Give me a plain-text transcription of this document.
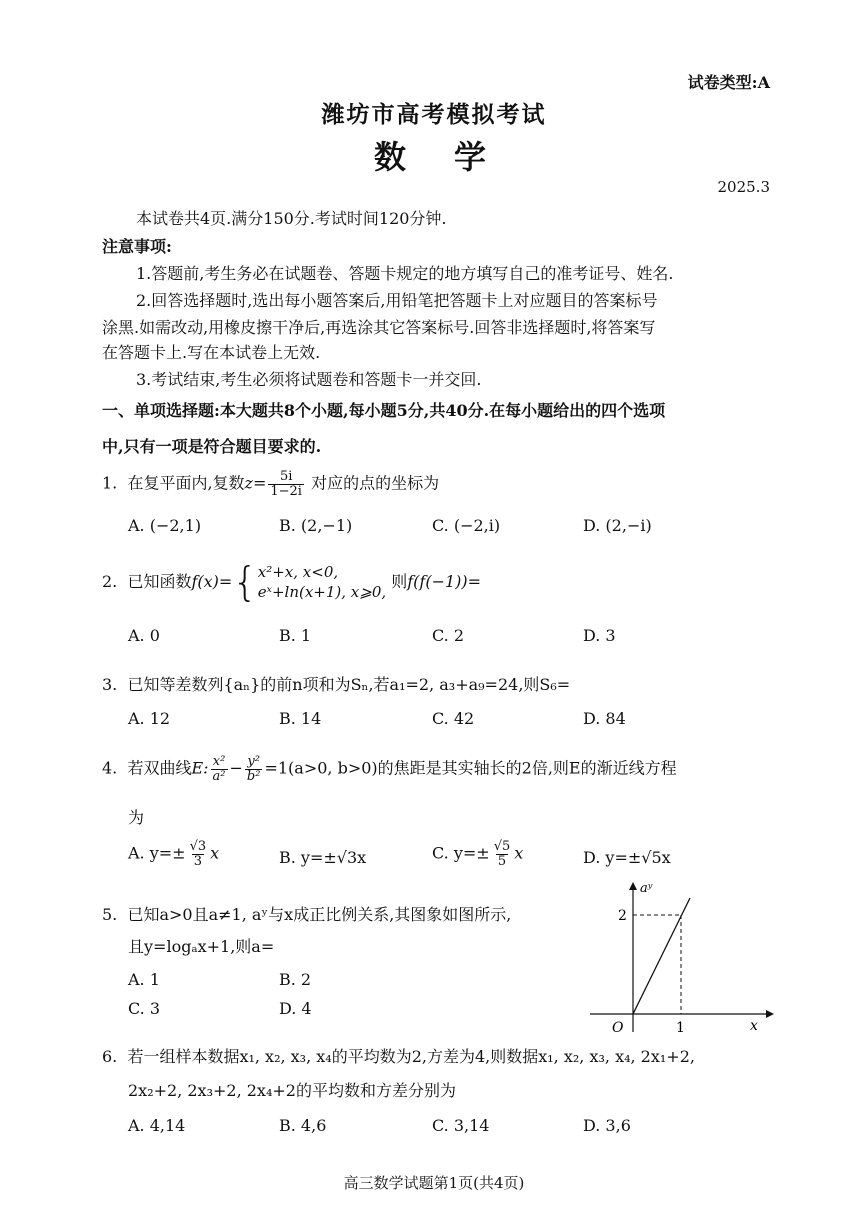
试卷类型:A
潍坊市高考模拟考试
数　学
2025.3
本试卷共4页.满分150分.考试时间120分钟.
注意事项:
1.答题前,考生务必在试题卷、答题卡规定的地方填写自己的准考证号、姓名.
2.回答选择题时,选出每小题答案后,用铅笔把答题卡上对应题目的答案标号
涂黑.如需改动,用橡皮擦干净后,再选涂其它答案标号.回答非选择题时,将答案写
在答题卡上.写在本试卷上无效.
3.考试结束,考生必须将试题卷和答题卡一并交回.
一、单项选择题:本大题共8个小题,每小题5分,共40分.在每小题给出的四个选项
中,只有一项是符合题目要求的.
1. 在复平面内,复数$z= \frac{5i}{1-2i}$ 对应的点的坐标为
A. (−2,1)	B. (2,−1)	C. (−2,i)	D. (2,−i)
2. 已知函数f(x)={ x²+x, x<0,
eˣ+ln(x+1), x⩾0,
则f(f(−1))=
A. 0	B. 1	C. 2	D. 3
3. 已知等差数列{aₙ}的前n项和为Sₙ,若a₁=2, a₃+a₉=24,则S₆=
A. 12	B. 14	C. 42	D. 84
4. 若双曲线E: $\frac{\text{x²}}{\text{a²}} - \frac{\text{y²}}{\text{b²}} =1(a>0$, b>0)的焦距是其实轴长的2倍,则E的渐近线方程
为
A. $y=\pm \frac{√3}{3}$ x	B. y=±√3x	C. $y=\pm \frac{√5}{5}$ x	D. y=±√5x
5. 已知a>0且a≠1, aʸ与x成正比例关系,其图象如图所示,
且y=logₐx+1,则a=
A. 1	B. 2
C. 3	D. 4
aʸ
x
O
2
1
6. 若一组样本数据x₁, x₂, x₃, x₄的平均数为2,方差为4,则数据x₁, x₂, x₃, x₄, 2x₁+2,
2x₂+2, 2x₃+2, 2x₄+2的平均数和方差分别为
A. 4,14	B. 4,6	C. 3,14	D. 3,6
高三数学试题第1页(共4页)
